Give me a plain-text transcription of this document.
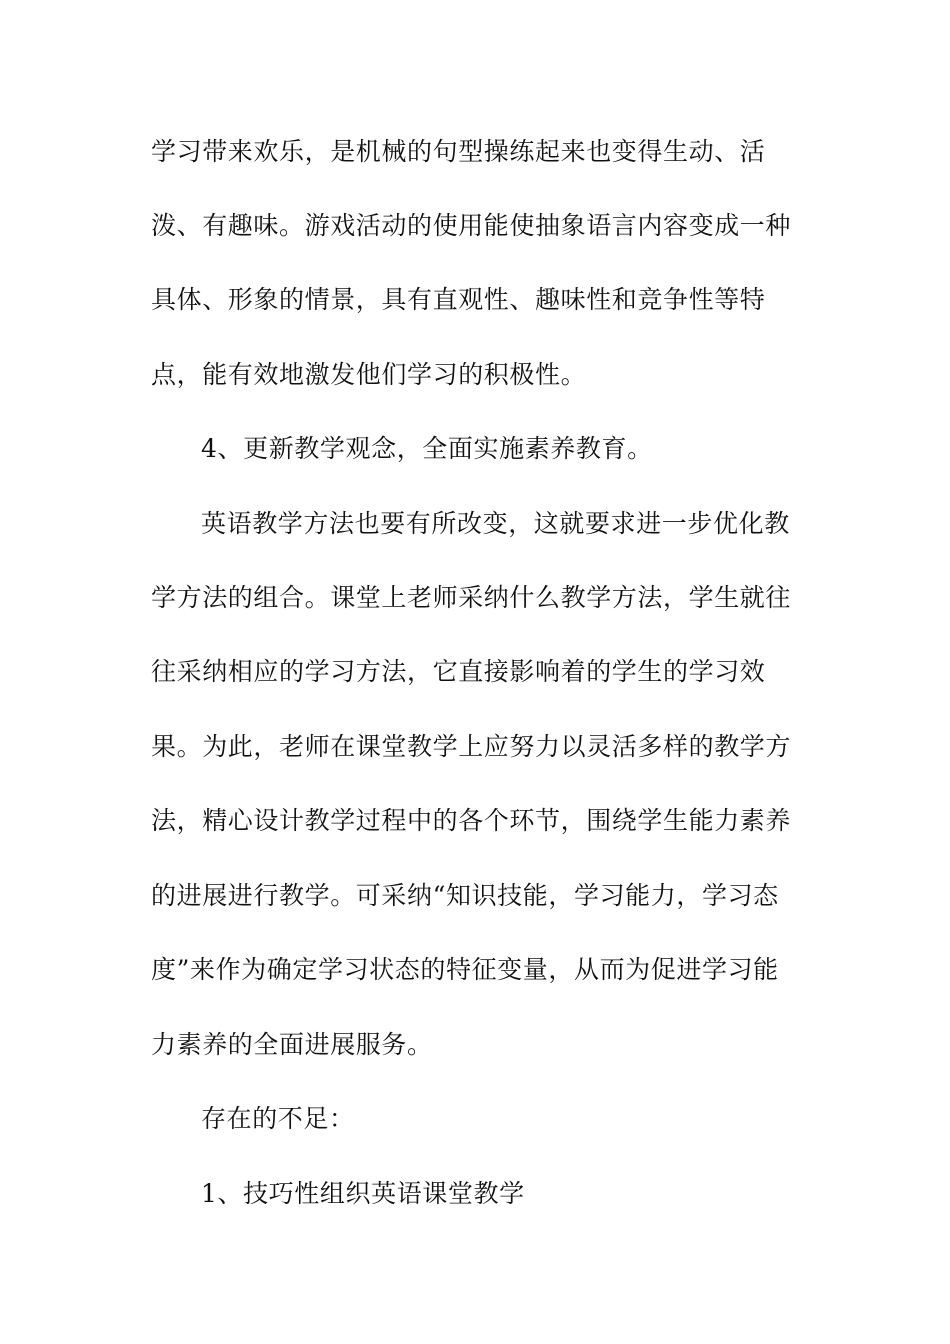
学习带来欢乐，是机械的句型操练起来也变得生动、活

泼、有趣味。游戏活动的使用能使抽象语言内容变成一种

具体、形象的情景，具有直观性、趣味性和竞争性等特

点，能有效地激发他们学习的积极性。

4、更新教学观念，全面实施素养教育。

英语教学方法也要有所改变，这就要求进一步优化教

学方法的组合。课堂上老师采纳什么教学方法，学生就往

往采纳相应的学习方法，它直接影响着的学生的学习效

果。为此，老师在课堂教学上应努力以灵活多样的教学方

法，精心设计教学过程中的各个环节，围绕学生能力素养

的进展进行教学。可采纳“知识技能，学习能力，学习态

度”来作为确定学习状态的特征变量，从而为促进学习能

力素养的全面进展服务。

存在的不足：

1、技巧性组织英语课堂教学
